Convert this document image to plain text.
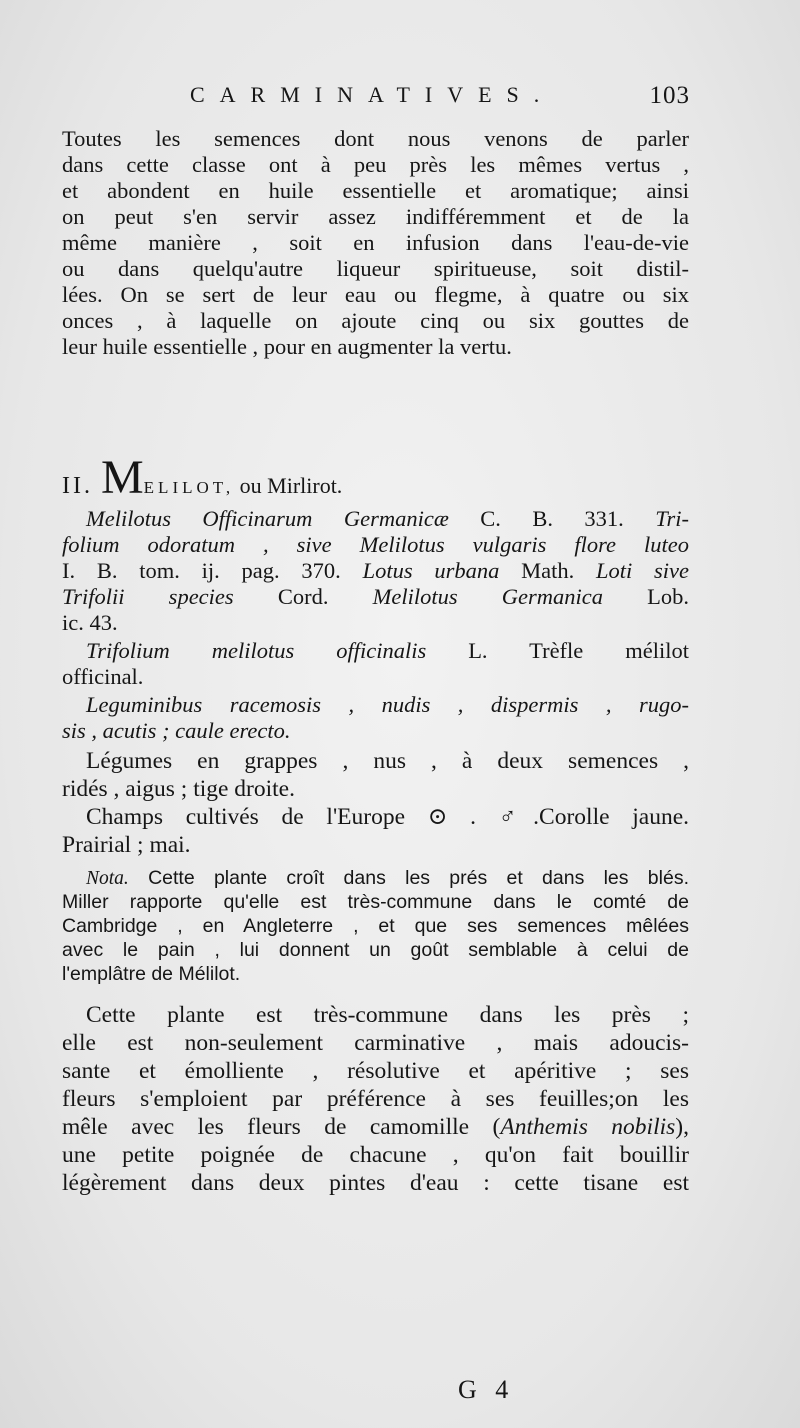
CARMINATIVES.	103
Toutes les semences dont nous venons de parler
dans cette classe ont à peu près les mêmes vertus ,
et abondent en huile essentielle et aromatique; ainsi
on peut s'en servir assez indifféremment et de la
même manière , soit en infusion dans l'eau-de-vie
ou dans quelqu'autre liqueur spiritueuse, soit distil-
lées. On se sert de leur eau ou flegme, à quatre ou six
onces , à laquelle on ajoute cinq ou six gouttes de
leur huile essentielle , pour en augmenter la vertu.
II. MELILOT, ou Mirlirot.
Melilotus Officinarum Germanicæ C. B. 331. Tri-
folium odoratum , sive Melilotus vulgaris flore luteo
I. B. tom. ij. pag. 370. Lotus urbana Math. Loti sive
Trifolii species Cord. Melilotus Germanica Lob.
ic. 43.
Trifolium melilotus officinalis L. Trèfle mélilot
officinal.
Leguminibus racemosis , nudis , dispermis , rugo-
sis , acutis ; caule erecto.
Légumes en grappes , nus , à deux semences ,
ridés , aigus ; tige droite.
Champs cultivés de l'Europe ⊙ . ♂.Corolle jaune.
Prairial ; mai.
Nota. Cette plante croît dans les prés et dans les blés.
Miller rapporte qu'elle est très-commune dans le comté de
Cambridge , en Angleterre , et que ses semences mêlées
avec le pain , lui donnent un goût semblable à celui de
l'emplâtre de Mélilot.
Cette plante est très-commune dans les près ;
elle est non-seulement carminative , mais adoucis-
sante et émolliente , résolutive et apéritive ; ses
fleurs s'emploient par préférence à ses feuilles;on les
mêle avec les fleurs de camomille (Anthemis nobilis),
une petite poignée de chacune , qu'on fait bouillir
légèrement dans deux pintes d'eau : cette tisane est
G 4
